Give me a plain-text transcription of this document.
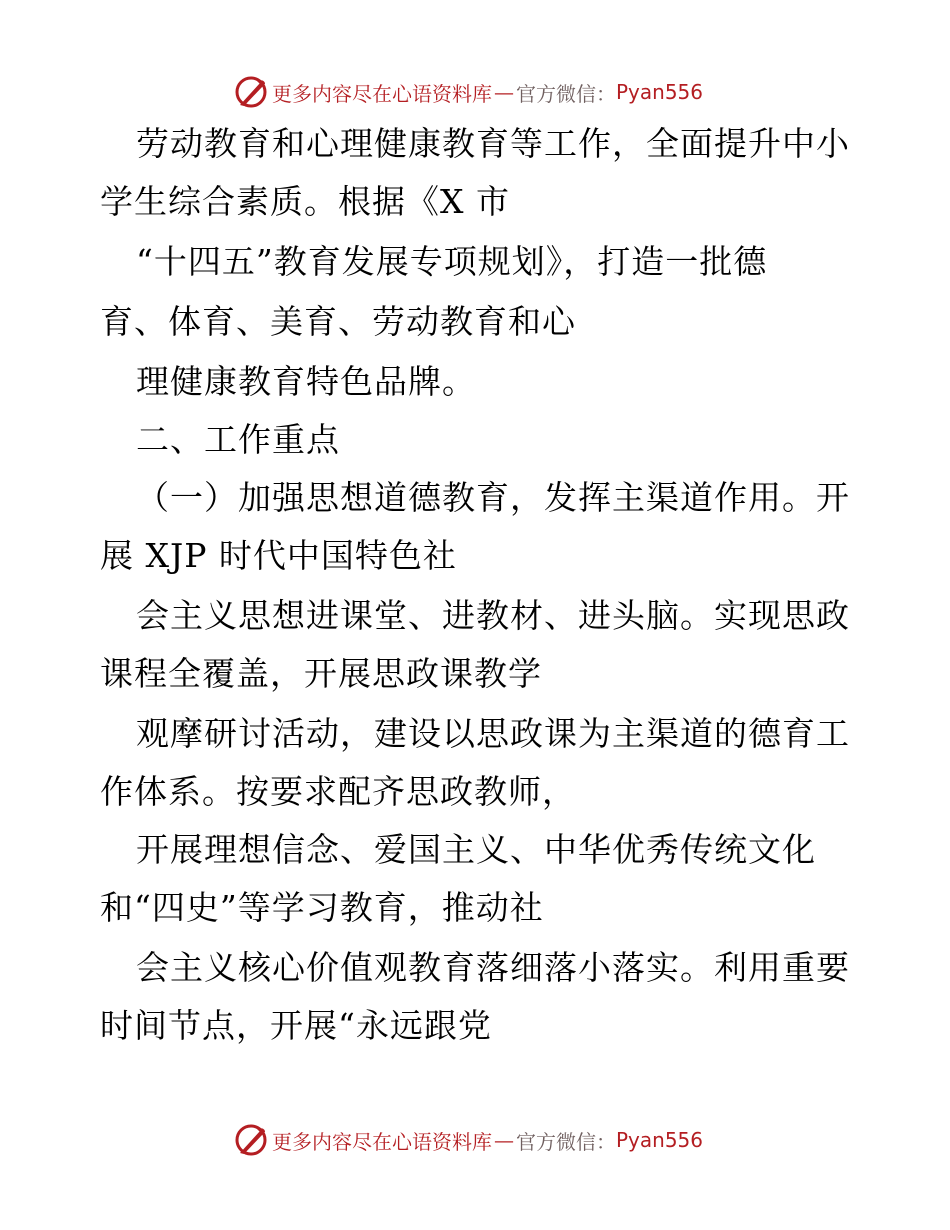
更多内容尽在心语资料库 — 官方微信： Pyan556
劳动教育和心理健康教育等工作，全面提升中小
学生综合素质。根据《X 市
“十四五”教育发展专项规划》，打造一批德
育、体育、美育、劳动教育和心
理健康教育特色品牌。
二、工作重点
（一）加强思想道德教育，发挥主渠道作用。开
展 XJP 时代中国特色社
会主义思想进课堂、进教材、进头脑。实现思政
课程全覆盖，开展思政课教学
观摩研讨活动，建设以思政课为主渠道的德育工
作体系。按要求配齐思政教师，
开展理想信念、爱国主义、中华优秀传统文化
和“四史”等学习教育，推动社
会主义核心价值观教育落细落小落实。利用重要
时间节点，开展“永远跟党
更多内容尽在心语资料库 — 官方微信： Pyan556
